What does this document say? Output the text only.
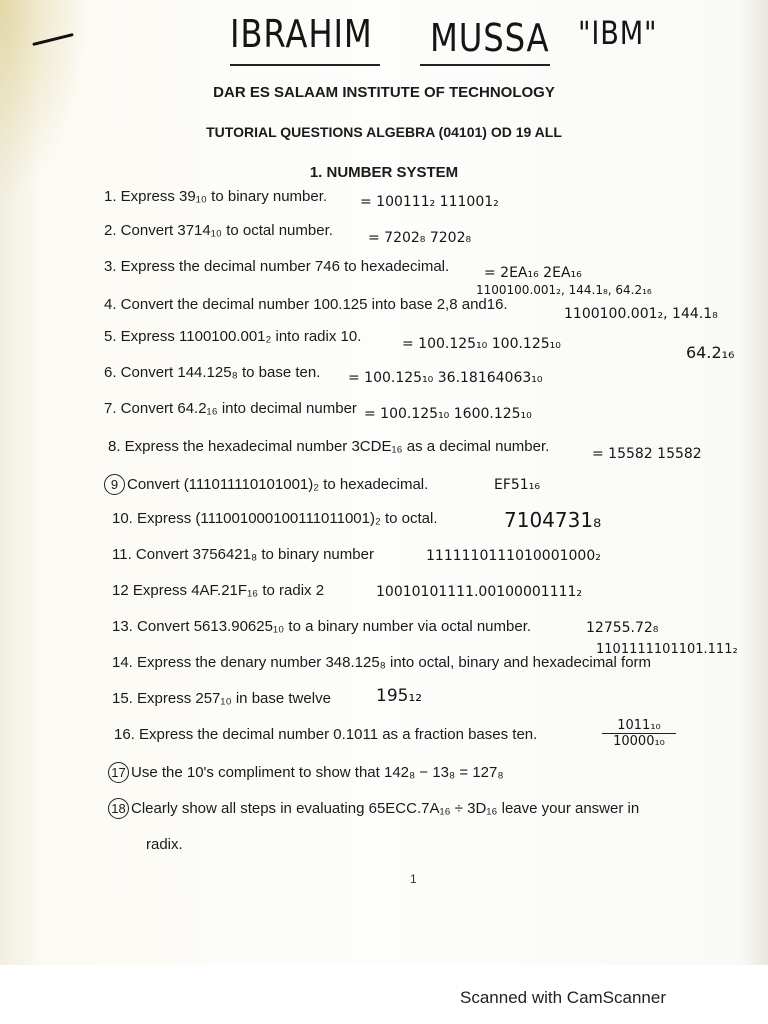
IBRAHIM MUSSA "IBM"
DAR ES SALAAM INSTITUTE OF TECHNOLOGY
TUTORIAL QUESTIONS ALGEBRA (04101) OD 19 ALL
1. NUMBER SYSTEM
1. Express 39₁₀ to binary number. = 100111₂ 111001₂
2. Convert 3714₁₀ to octal number.	= 7202₈ 7202₈
3. Express the decimal number 746 to hexadecimal. = 2EA₁₆ 2EA₁₆
1100100.001₂, 144.1₈, 64.2₁₆
4. Convert the decimal number 100.125 into base 2,8 and16.
1100100.001₂, 144.1₈
64.2₁₆
5. Express 1100100.001₂ into radix 10.	= 100.125₁₀ 100.125₁₀
6. Convert 144.125₈ to base ten. = 100.125₁₀ 36.18164063₁₀
7. Convert 64.2₁₆ into decimal number = 100.125₁₀ 1600.125₁₀
8. Express the hexadecimal number 3CDE₁₆ as a decimal number.	= 15582 15582
9 Convert (111011110101001)₂ to hexadecimal.	EF51₁₆
10. Express (111001000100111011001)₂ to octal.	7104731₈
11. Convert 3756421₈ to binary number	1111110111010001000₂
12 Express 4AF.21F₁₆ to radix 2	10010101111.00100001111₂
13. Convert 5613.90625₁₀ to a binary number via octal number.	12755.72₈
1101111101101.111₂
14. Express the denary number 348.125₈ into octal, binary and hexadecimal form
15. Express 257₁₀ in base twelve	195₁₂
16. Express the decimal number 0.1011 as a fraction bases ten.	$\frac{\text{1011₁₀}}{\text{10000₁₀}}$
17 Use the 10's compliment to show that 142₈ − 13₈ = 127₈
18 Clearly show all steps in evaluating 65ECC.7A₁₆ ÷ 3D₁₆ leave your answer in
radix.
1
Scanned with CamScanner
